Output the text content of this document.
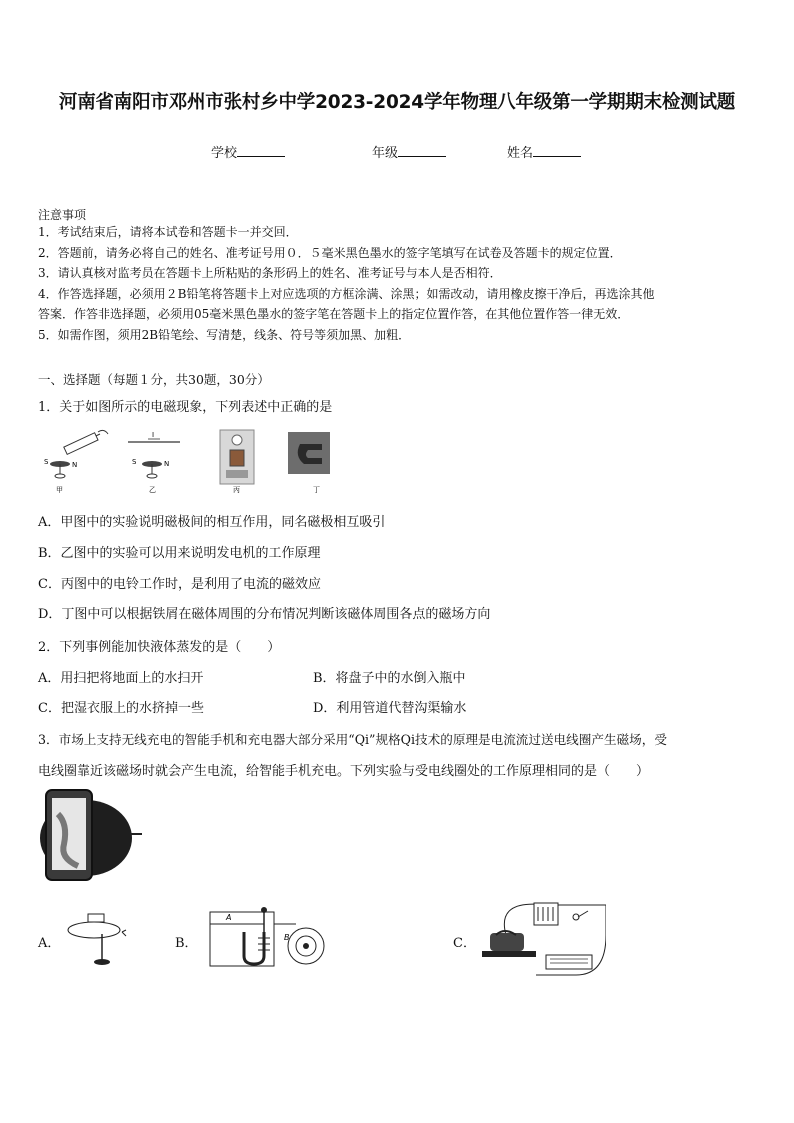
河南省南阳市邓州市张村乡中学2023-2024学年物理八年级第一学期期末检测试题
学校	年级	姓名
注意事项

1．考试结束后，请将本试卷和答题卡一并交回．

2．答题前，请务必将自己的姓名、准考证号用０．５毫米黑色墨水的签字笔填写在试卷及答题卡的规定位置．

3．请认真核对监考员在答题卡上所粘贴的条形码上的姓名、准考证号与本人是否相符．

4．作答选择题，必须用２B铅笔将答题卡上对应选项的方框涂满、涂黑；如需改动，请用橡皮擦干净后，再选涂其他

答案．作答非选择题，必须用05毫米黑色墨水的签字笔在答题卡上的指定位置作答，在其他位置作答一律无效．

5．如需作图，须用2B铅笔绘、写清楚，线条、符号等须加黑、加粗．

一、选择题（每题１分，共30题，30分）
1．关于如图所示的电磁现象，下列表述中正确的是
S	N
甲
I
S	N
乙	丙	丁
A．甲图中的实验说明磁极间的相互作用，同名磁极相互吸引
B．乙图中的实验可以用来说明发电机的工作原理
C．丙图中的电铃工作时，是利用了电流的磁效应
D．丁图中可以根据铁屑在磁体周围的分布情况判断该磁体周围各点的磁场方向
2．下列事例能加快液体蒸发的是（　　）
A．用扫把将地面上的水扫开	B．将盘子中的水倒入瓶中
C．把湿衣服上的水挤掉一些	D．利用管道代替沟渠输水
3．市场上支持无线充电的智能手机和充电器大部分采用“Qi”规格Qi技术的原理是电流流过送电线圈产生磁场，受
电线圈靠近该磁场时就会产生电流，给智能手机充电。下列实验与受电线圈处的工作原理相同的是（　　）
A．	B．
A
B	C．
